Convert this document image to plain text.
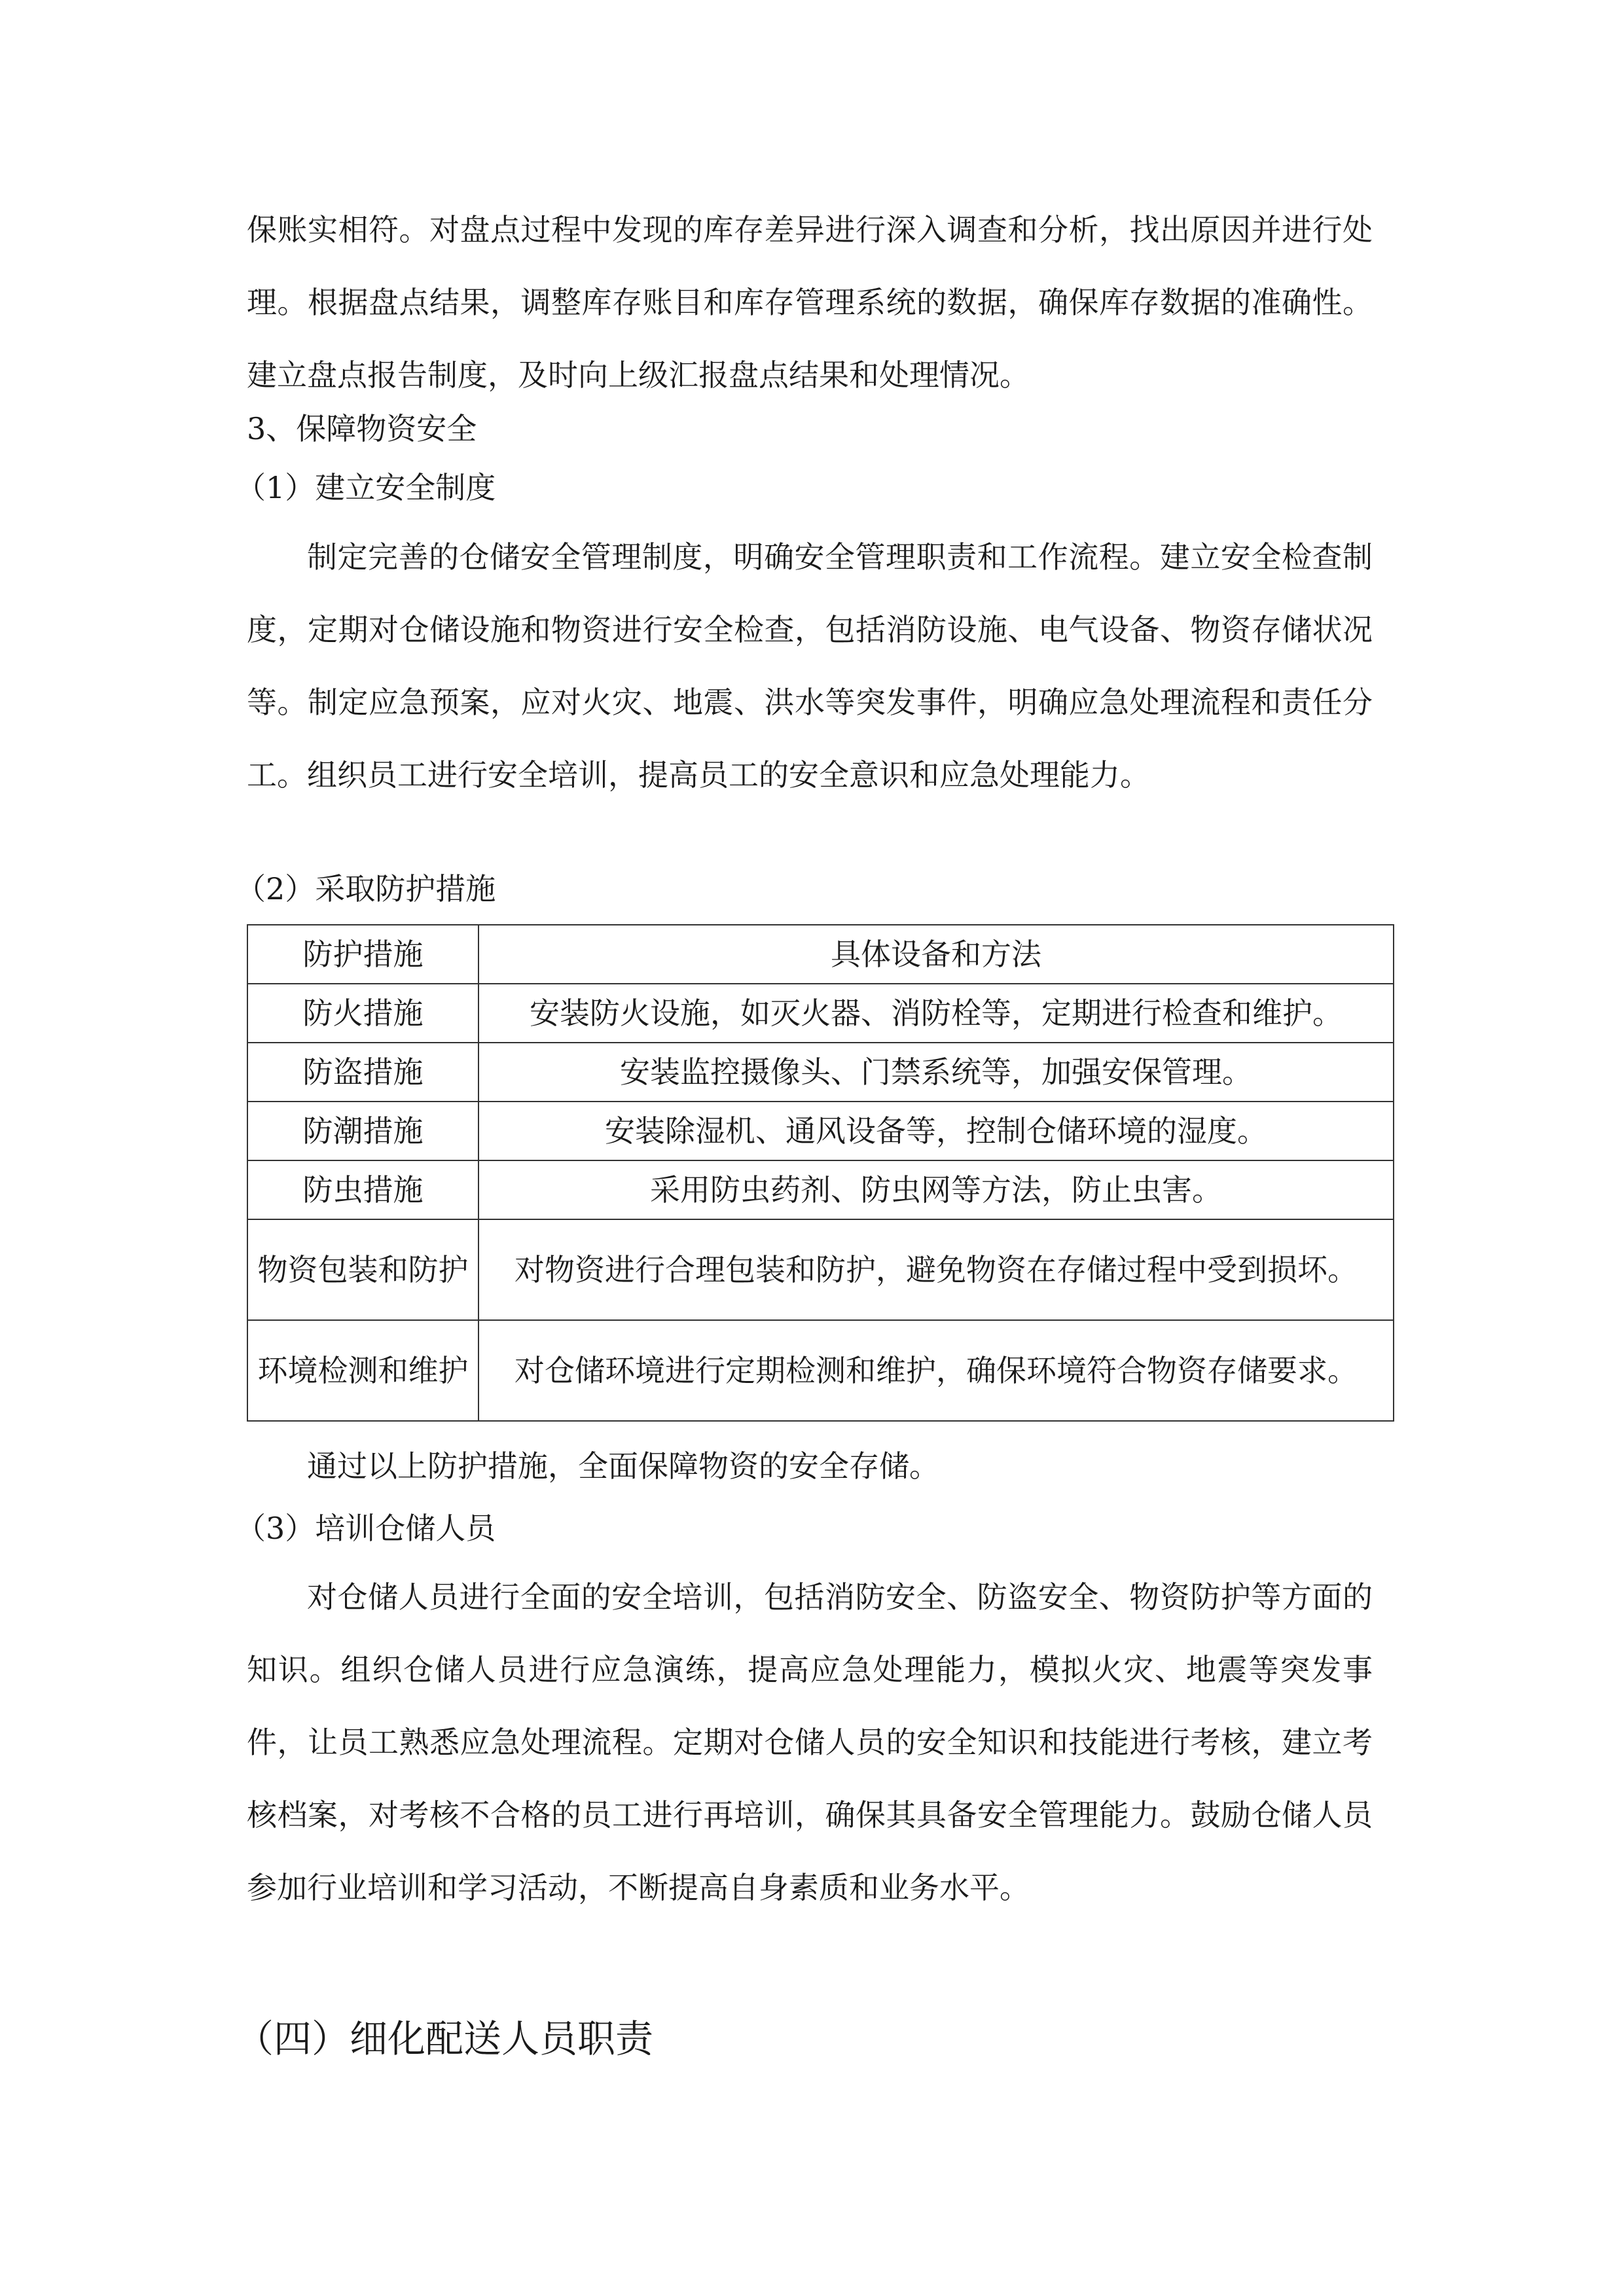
保账实相符。对盘点过程中发现的库存差异进行深入调查和分析，找出原因并进行处理。根据盘点结果，调整库存账目和库存管理系统的数据，确保库存数据的准确性。建立盘点报告制度，及时向上级汇报盘点结果和处理情况。
3、保障物资安全
（1）建立安全制度
制定完善的仓储安全管理制度，明确安全管理职责和工作流程。建立安全检查制度，定期对仓储设施和物资进行安全检查，包括消防设施、电气设备、物资存储状况等。制定应急预案，应对火灾、地震、洪水等突发事件，明确应急处理流程和责任分工。组织员工进行安全培训，提高员工的安全意识和应急处理能力。
（2）采取防护措施
防护措施	具体设备和方法
防火措施	安装防火设施，如灭火器、消防栓等，定期进行检查和维护。
防盗措施	安装监控摄像头、门禁系统等，加强安保管理。
防潮措施	安装除湿机、通风设备等，控制仓储环境的湿度。
防虫措施	采用防虫药剂、防虫网等方法，防止虫害。
物资包装和防护	对物资进行合理包装和防护，避免物资在存储过程中受到损坏。
环境检测和维护	对仓储环境进行定期检测和维护，确保环境符合物资存储要求。
通过以上防护措施，全面保障物资的安全存储。
（3）培训仓储人员
对仓储人员进行全面的安全培训，包括消防安全、防盗安全、物资防护等方面的知识。组织仓储人员进行应急演练，提高应急处理能力，模拟火灾、地震等突发事件，让员工熟悉应急处理流程。定期对仓储人员的安全知识和技能进行考核，建立考核档案，对考核不合格的员工进行再培训，确保其具备安全管理能力。鼓励仓储人员参加行业培训和学习活动，不断提高自身素质和业务水平。
（四）细化配送人员职责
